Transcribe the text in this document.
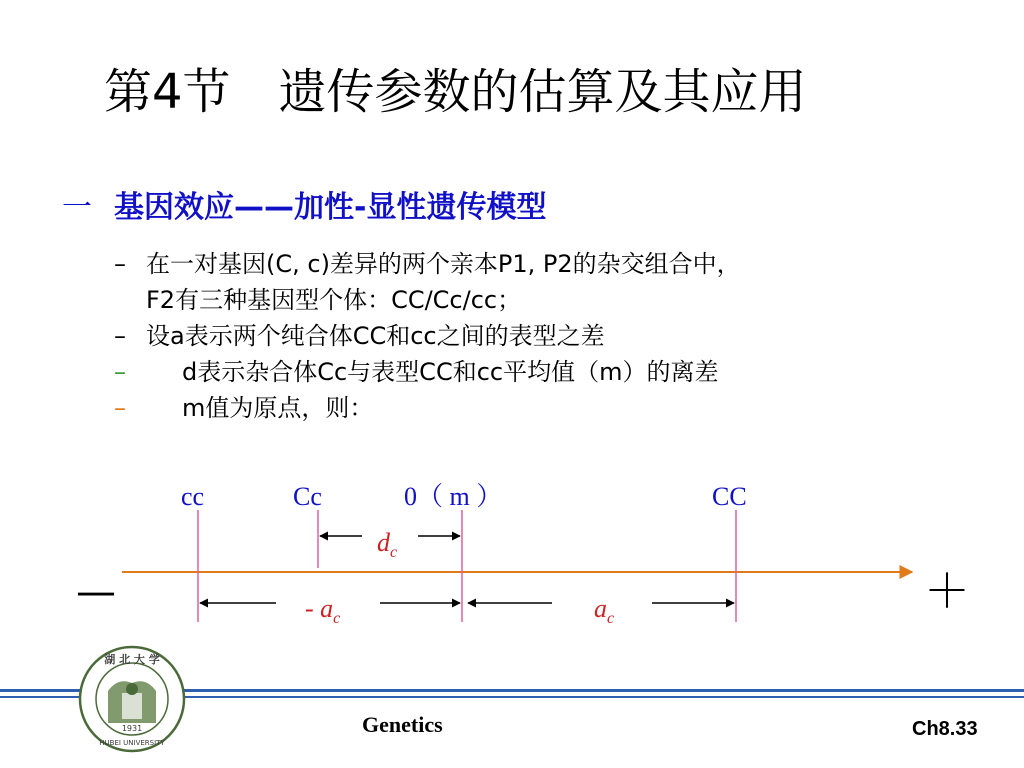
第4节　遗传参数的估算及其应用
一 基因效应——加性-显性遗传模型
– 在一对基因(C, c)差异的两个亲本P1, P2的杂交组合中，
F2有三种基因型个体：CC/Cc/cc；
– 设a表示两个纯合体CC和cc之间的表型之差
– d表示杂合体Cc与表型CC和cc平均值（m）的离差
– m值为原点，则：
cc	Cc	0（ m ）	CC
$d_c$
- $a_c$	$a_c$
—	＋
湖 北 大 学
1931
HUBEI UNIVERSITY
Genetics	Ch8.33
